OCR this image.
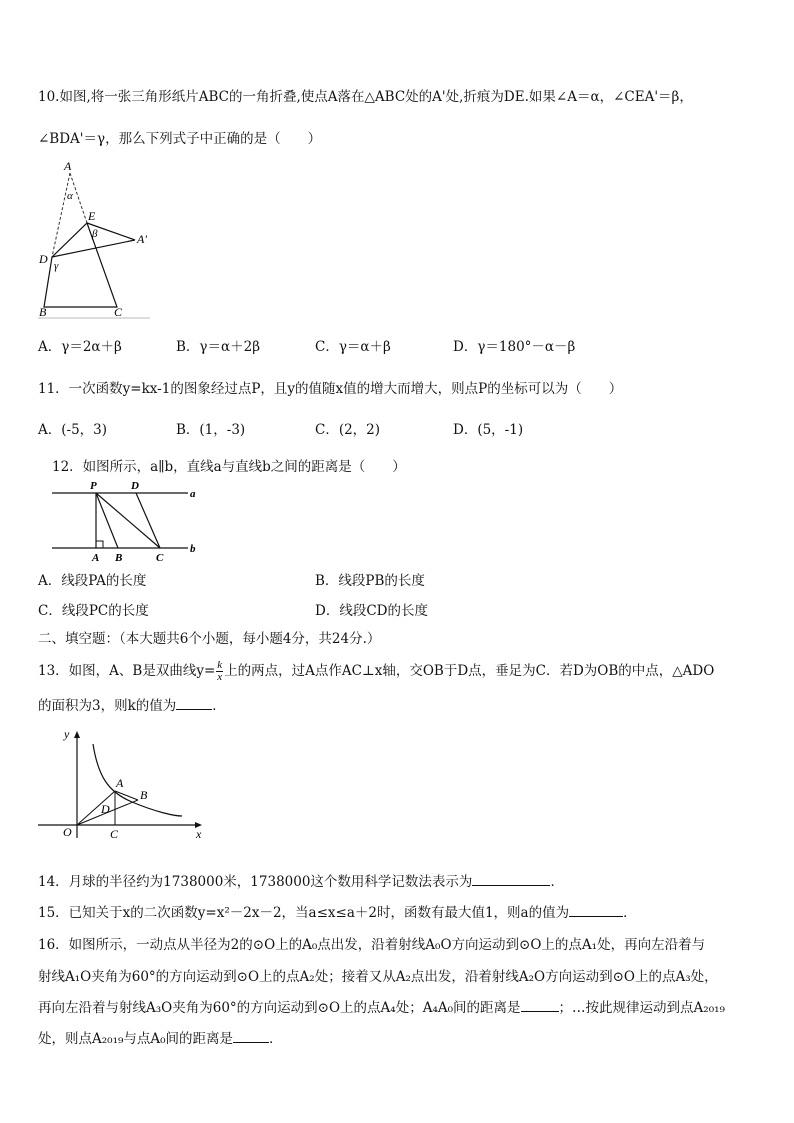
10.如图,将一张三角形纸片ABC的一角折叠,使点A落在△ABC处的A'处,折痕为DE.如果∠A＝α，∠CEA'＝β，
∠BDA'＝γ，那么下列式子中正确的是（　　）
A
α
E
β	A'
D γ
B	C
A．γ＝2α＋β	B．γ＝α＋2β	C．γ＝α＋β	D．γ＝180°－α－β
11．一次函数y=kx-1的图象经过点P，且y的值随x值的增大而增大，则点P的坐标可以为（　　）
A．(-5，3)	B．(1，-3)	C．(2，2)	D．(5，-1)
12．如图所示，a∥b，直线a与直线b之间的距离是（　　）
P	D
a
A B	C
b
A．线段PA的长度	B．线段PB的长度
C．线段PC的长度	D．线段CD的长度
二、填空题：（本大题共6个小题，每小题4分，共24分.）
13．如图，A、B是双曲线$y= \frac{k}{x}$ 上的两点，过A点作AC⊥x轴，交OB于D点，垂足为C．若D为OB的中点，△ADO
的面积为3，则k的值为	．
y
A
B
D
O	C	x
14．月球的半径约为1738000米，1738000这个数用科学记数法表示为	．
15．已知关于x的二次函数y=x²－2x－2，当a≤x≤a＋2时，函数有最大值1，则a的值为	．
16．如图所示，一动点从半径为2的⊙O上的A₀点出发，沿着射线A₀O方向运动到⊙O上的点A₁处，再向左沿着与
射线A₁O夹角为60°的方向运动到⊙O上的点A₂处；接着又从A₂点出发，沿着射线A₂O方向运动到⊙O上的点A₃处，
再向左沿着与射线A₃O夹角为60°的方向运动到⊙O上的点A₄处；A₄A₀间的距离是	；…按此规律运动到点A₂₀₁₉
处，则点A₂₀₁₉与点A₀间的距离是	．
